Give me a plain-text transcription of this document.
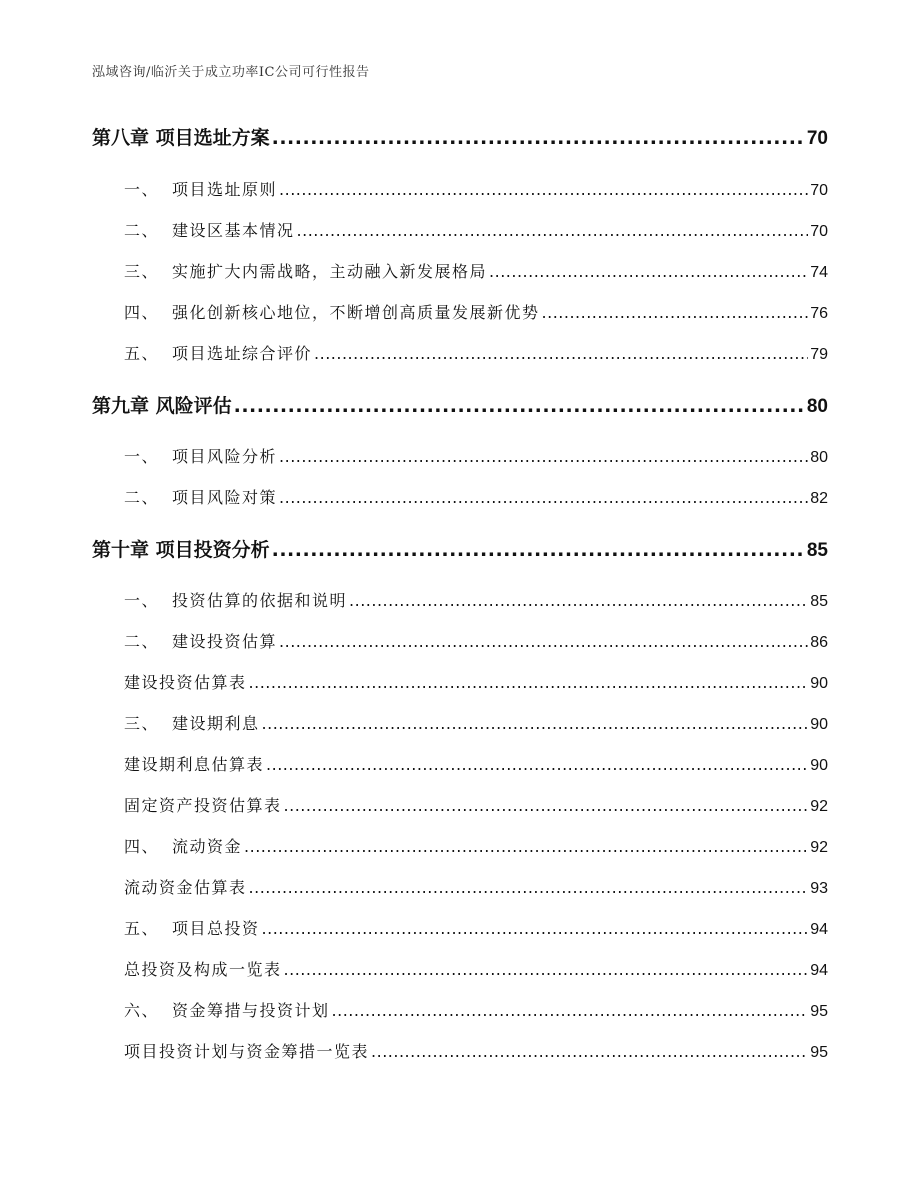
泓域咨询/临沂关于成立功率IC公司可行性报告
第八章 项目选址方案 .....	70
一、 项目选址原则 .....	70
二、 建设区基本情况 .....	70
三、 实施扩大内需战略，主动融入新发展格局 .....	74
四、 强化创新核心地位，不断增创高质量发展新优势 .....	76
五、 项目选址综合评价 .....	79
第九章 风险评估 .....	80
一、 项目风险分析 .....	80
二、 项目风险对策 .....	82
第十章 项目投资分析 .....	85
一、 投资估算的依据和说明 .....	85
二、 建设投资估算 .....	86
建设投资估算表 .....	90
三、 建设期利息 .....	90
建设期利息估算表 .....	90
固定资产投资估算表 .....	92
四、 流动资金 .....	92
流动资金估算表 .....	93
五、 项目总投资 .....	94
总投资及构成一览表 .....	94
六、 资金筹措与投资计划 .....	95
项目投资计划与资金筹措一览表 .....	95
